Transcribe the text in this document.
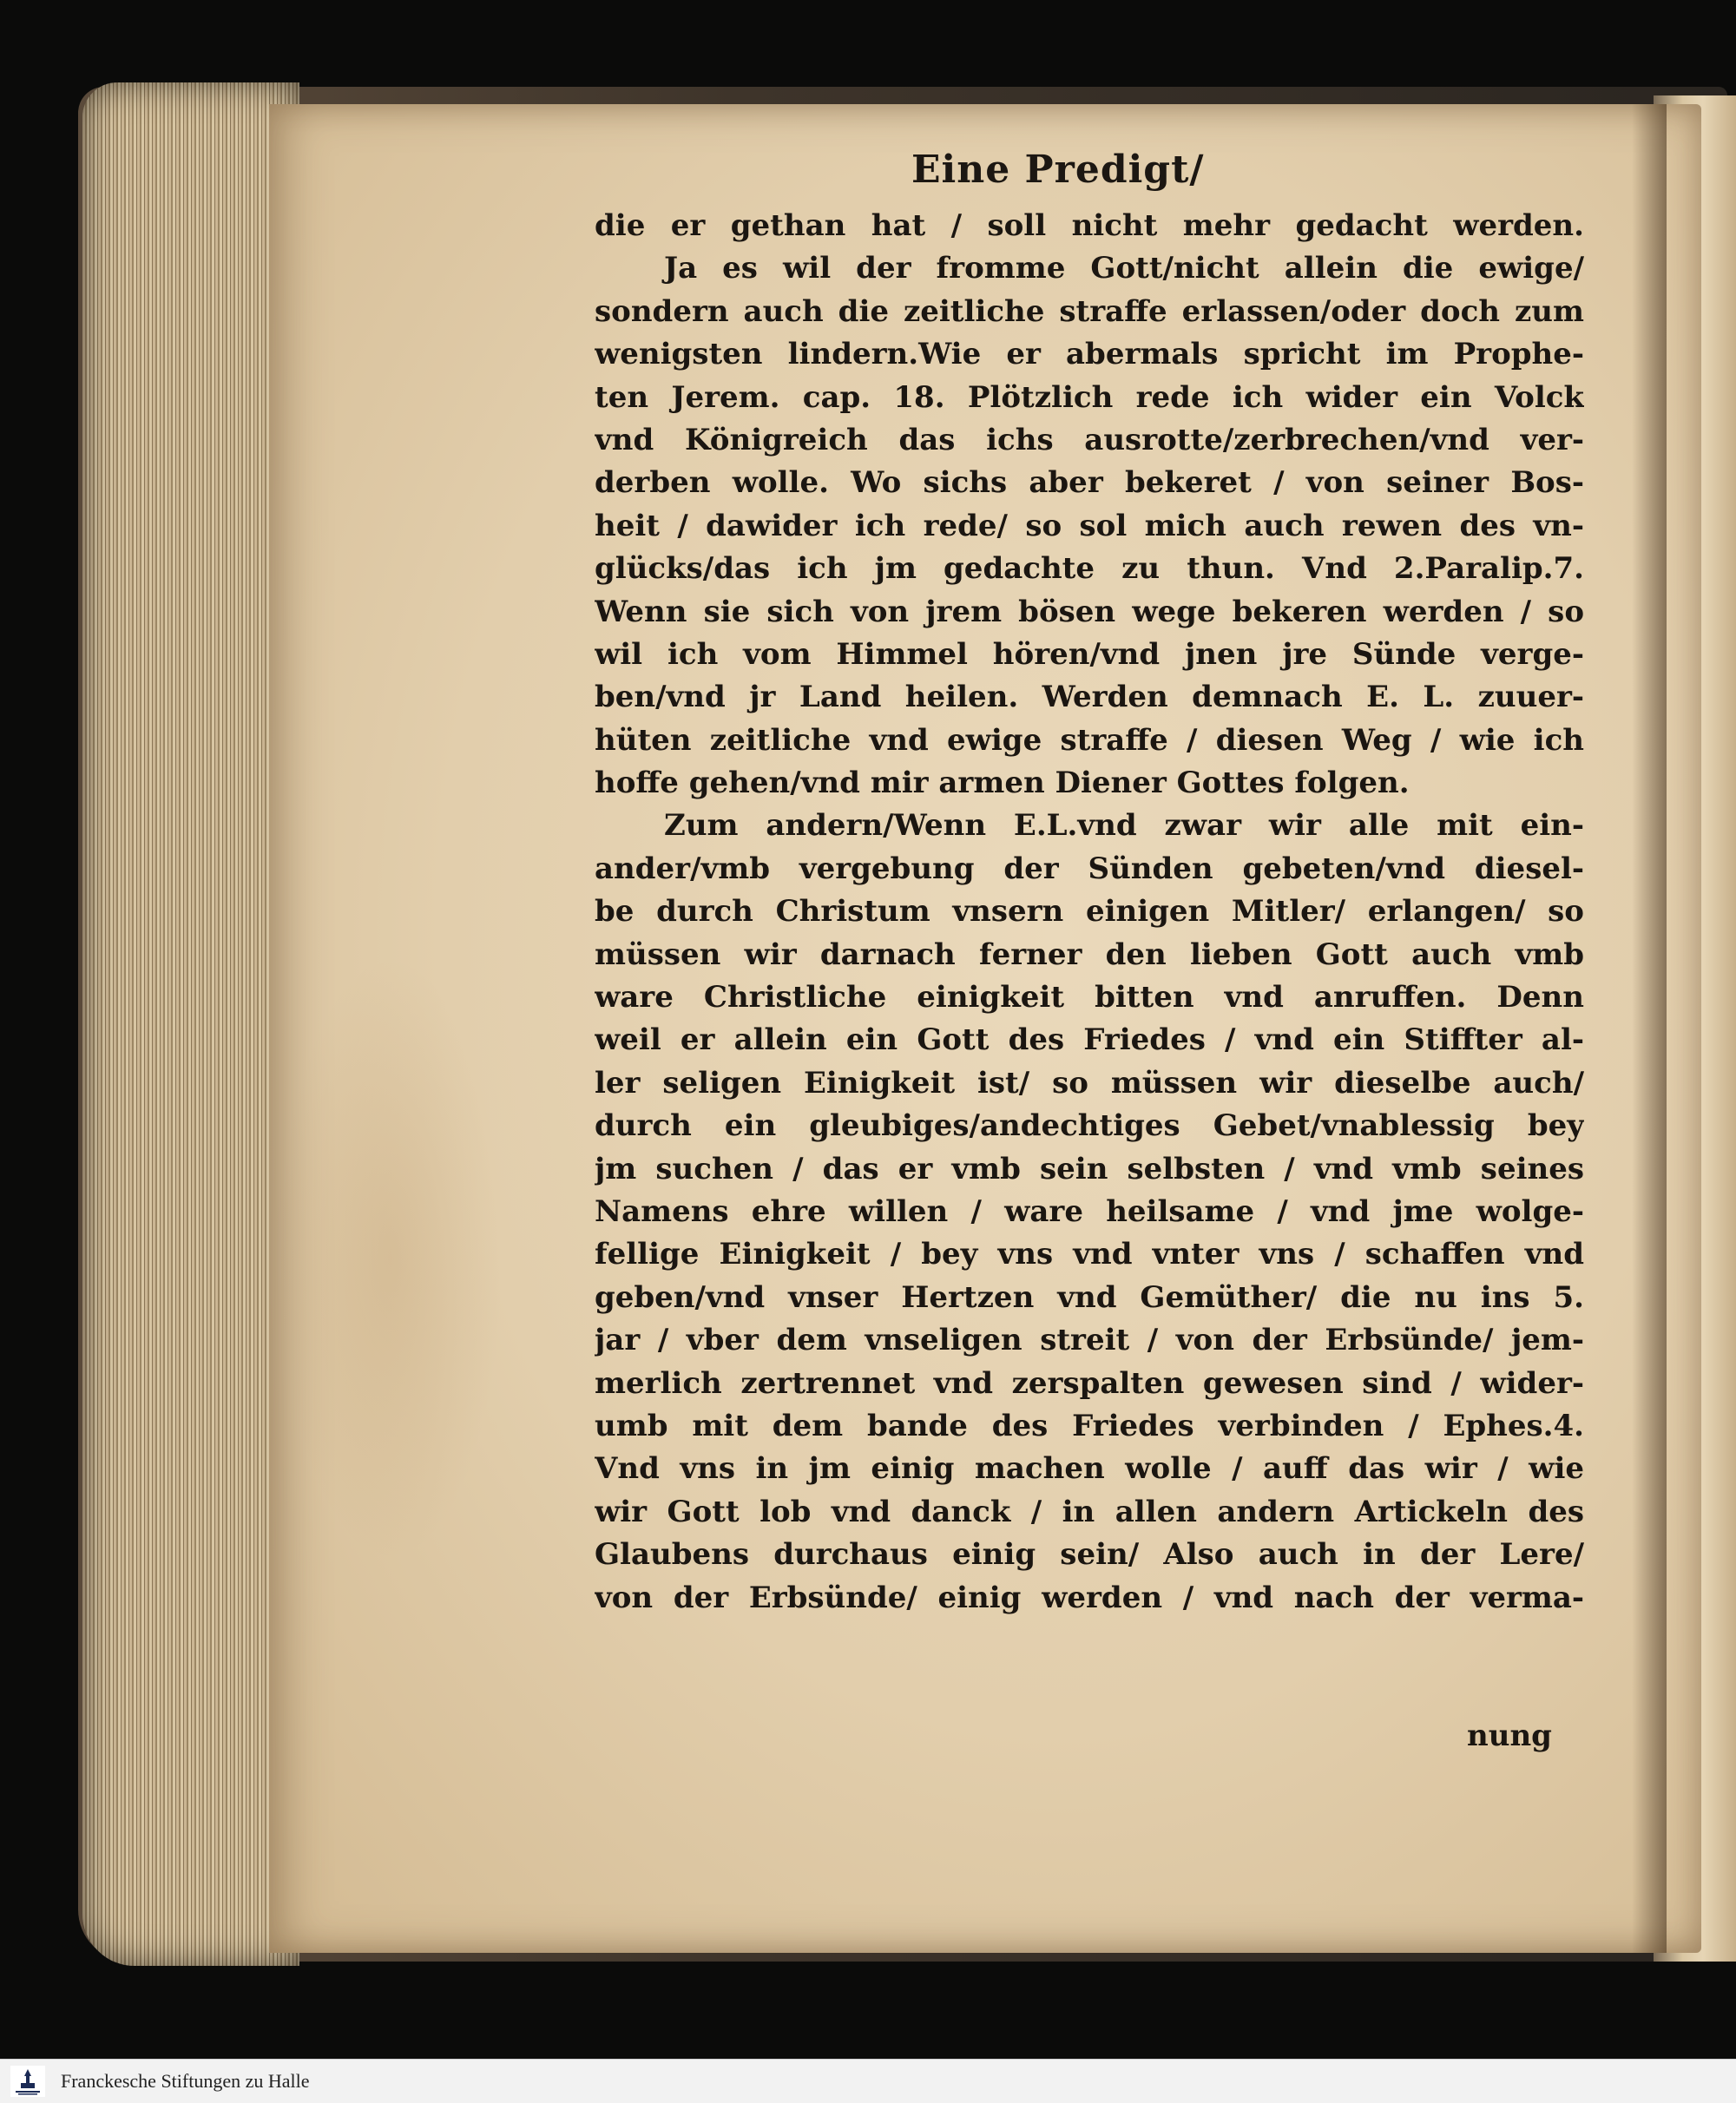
Eine Predigt/
die er gethan hat / soll nicht mehr gedacht werden.
Ja es wil der fromme Gott/nicht allein die ewige/
sondern auch die zeitliche straffe erlassen/oder doch zum
wenigsten lindern.Wie er abermals spricht im Prophe-
ten Jerem. cap. 18. Plötzlich rede ich wider ein Volck
vnd Königreich das ichs ausrotte/zerbrechen/vnd ver-
derben wolle. Wo sichs aber bekeret / von seiner Bos-
heit / dawider ich rede/ so sol mich auch rewen des vn-
glücks/das ich jm gedachte zu thun. Vnd 2.Paralip.7.
Wenn sie sich von jrem bösen wege bekeren werden / so
wil ich vom Himmel hören/vnd jnen jre Sünde verge-
ben/vnd jr Land heilen. Werden demnach E. L. zuuer-
hüten zeitliche vnd ewige straffe / diesen Weg / wie ich
hoffe gehen/vnd mir armen Diener Gottes folgen.
Zum andern/Wenn E.L.vnd zwar wir alle mit ein-
ander/vmb vergebung der Sünden gebeten/vnd diesel-
be durch Christum vnsern einigen Mitler/ erlangen/ so
müssen wir darnach ferner den lieben Gott auch vmb
ware Christliche einigkeit bitten vnd anruffen. Denn
weil er allein ein Gott des Friedes / vnd ein Stiffter al-
ler seligen Einigkeit ist/ so müssen wir dieselbe auch/
durch ein gleubiges/andechtiges Gebet/vnablessig bey
jm suchen / das er vmb sein selbsten / vnd vmb seines
Namens ehre willen / ware heilsame / vnd jme wolge-
fellige Einigkeit / bey vns vnd vnter vns / schaffen vnd
geben/vnd vnser Hertzen vnd Gemüther/ die nu ins 5.
jar / vber dem vnseligen streit / von der Erbsünde/ jem-
merlich zertrennet vnd zerspalten gewesen sind / wider-
umb mit dem bande des Friedes verbinden / Ephes.4.
Vnd vns in jm einig machen wolle / auff das wir / wie
wir Gott lob vnd danck / in allen andern Artickeln des
Glaubens durchaus einig sein/ Also auch in der Lere/
von der Erbsünde/ einig werden / vnd nach der verma-
nung
Franckesche Stiftungen zu Halle
